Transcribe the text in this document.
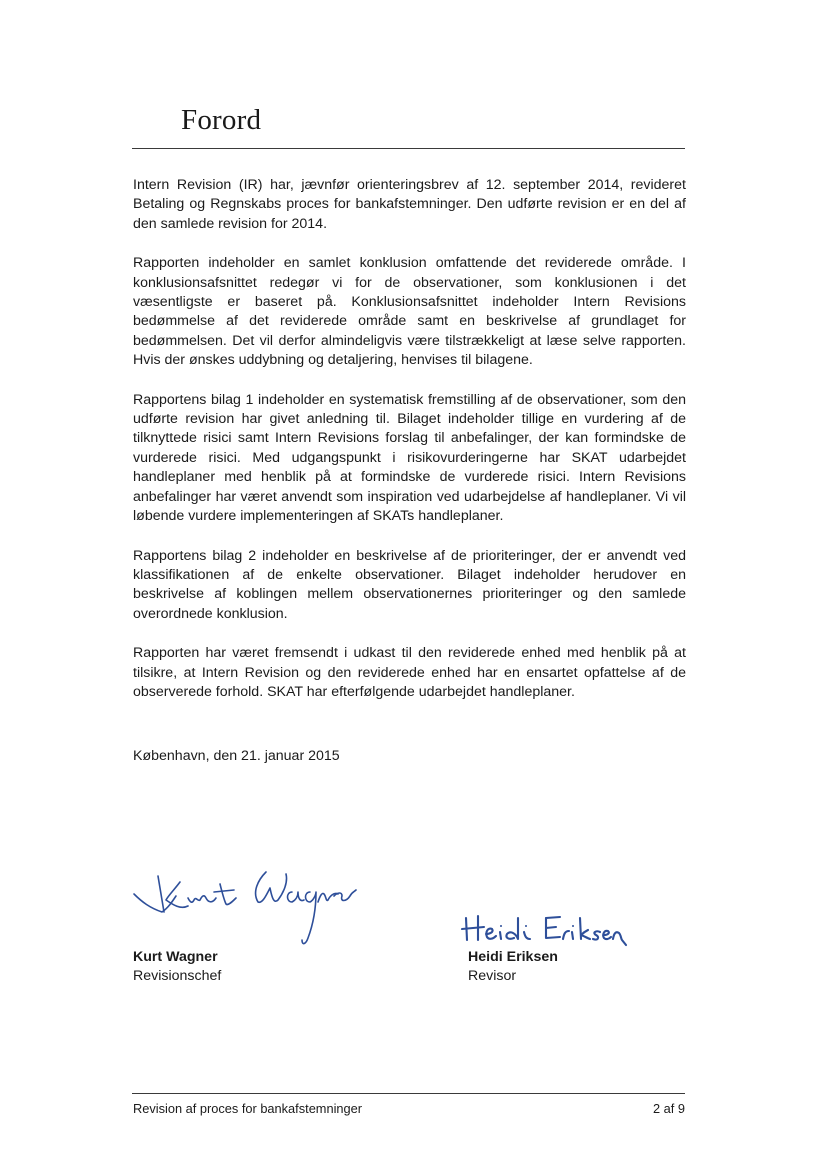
Forord

Intern Revision (IR) har, jævnfør orienteringsbrev af 12. september 2014, revideret Betaling og Regnskabs proces for bankafstemninger. Den udførte revision er en del af den samlede revision for 2014.

Rapporten indeholder en samlet konklusion omfattende det reviderede område. I konklusionsafsnittet redegør vi for de observationer, som konklusionen i det væsentligste er baseret på. Konklusionsafsnittet indeholder Intern Revisions bedømmelse af det reviderede område samt en beskrivelse af grundlaget for bedømmelsen. Det vil derfor almindeligvis være tilstrækkeligt at læse selve rapporten. Hvis der ønskes uddybning og detaljering, henvises til bilagene.

Rapportens bilag 1 indeholder en systematisk fremstilling af de observationer, som den udførte revision har givet anledning til. Bilaget indeholder tillige en vurdering af de tilknyttede risici samt Intern Revisions forslag til anbefalinger, der kan formindske de vurderede risici. Med udgangspunkt i risikovurderingerne har SKAT udarbejdet handleplaner med henblik på at formindske de vurderede risici. Intern Revisions anbefalinger har været anvendt som inspiration ved udarbejdelse af handleplaner. Vi vil løbende vurdere implementeringen af SKATs handleplaner.

Rapportens bilag 2 indeholder en beskrivelse af de prioriteringer, der er anvendt ved klassifikationen af de enkelte observationer. Bilaget indeholder herudover en beskrivelse af koblingen mellem observationernes prioriteringer og den samlede overordnede konklusion.

Rapporten har været fremsendt i udkast til den reviderede enhed med henblik på at tilsikre, at Intern Revision og den reviderede enhed har en ensartet opfattelse af de observerede forhold. SKAT har efterfølgende udarbejdet handleplaner.

København, den 21. januar 2015
Kurt Wagner
Revisionschef
Heidi Eriksen
Revisor
Revision af proces for bankafstemninger	2 af 9
